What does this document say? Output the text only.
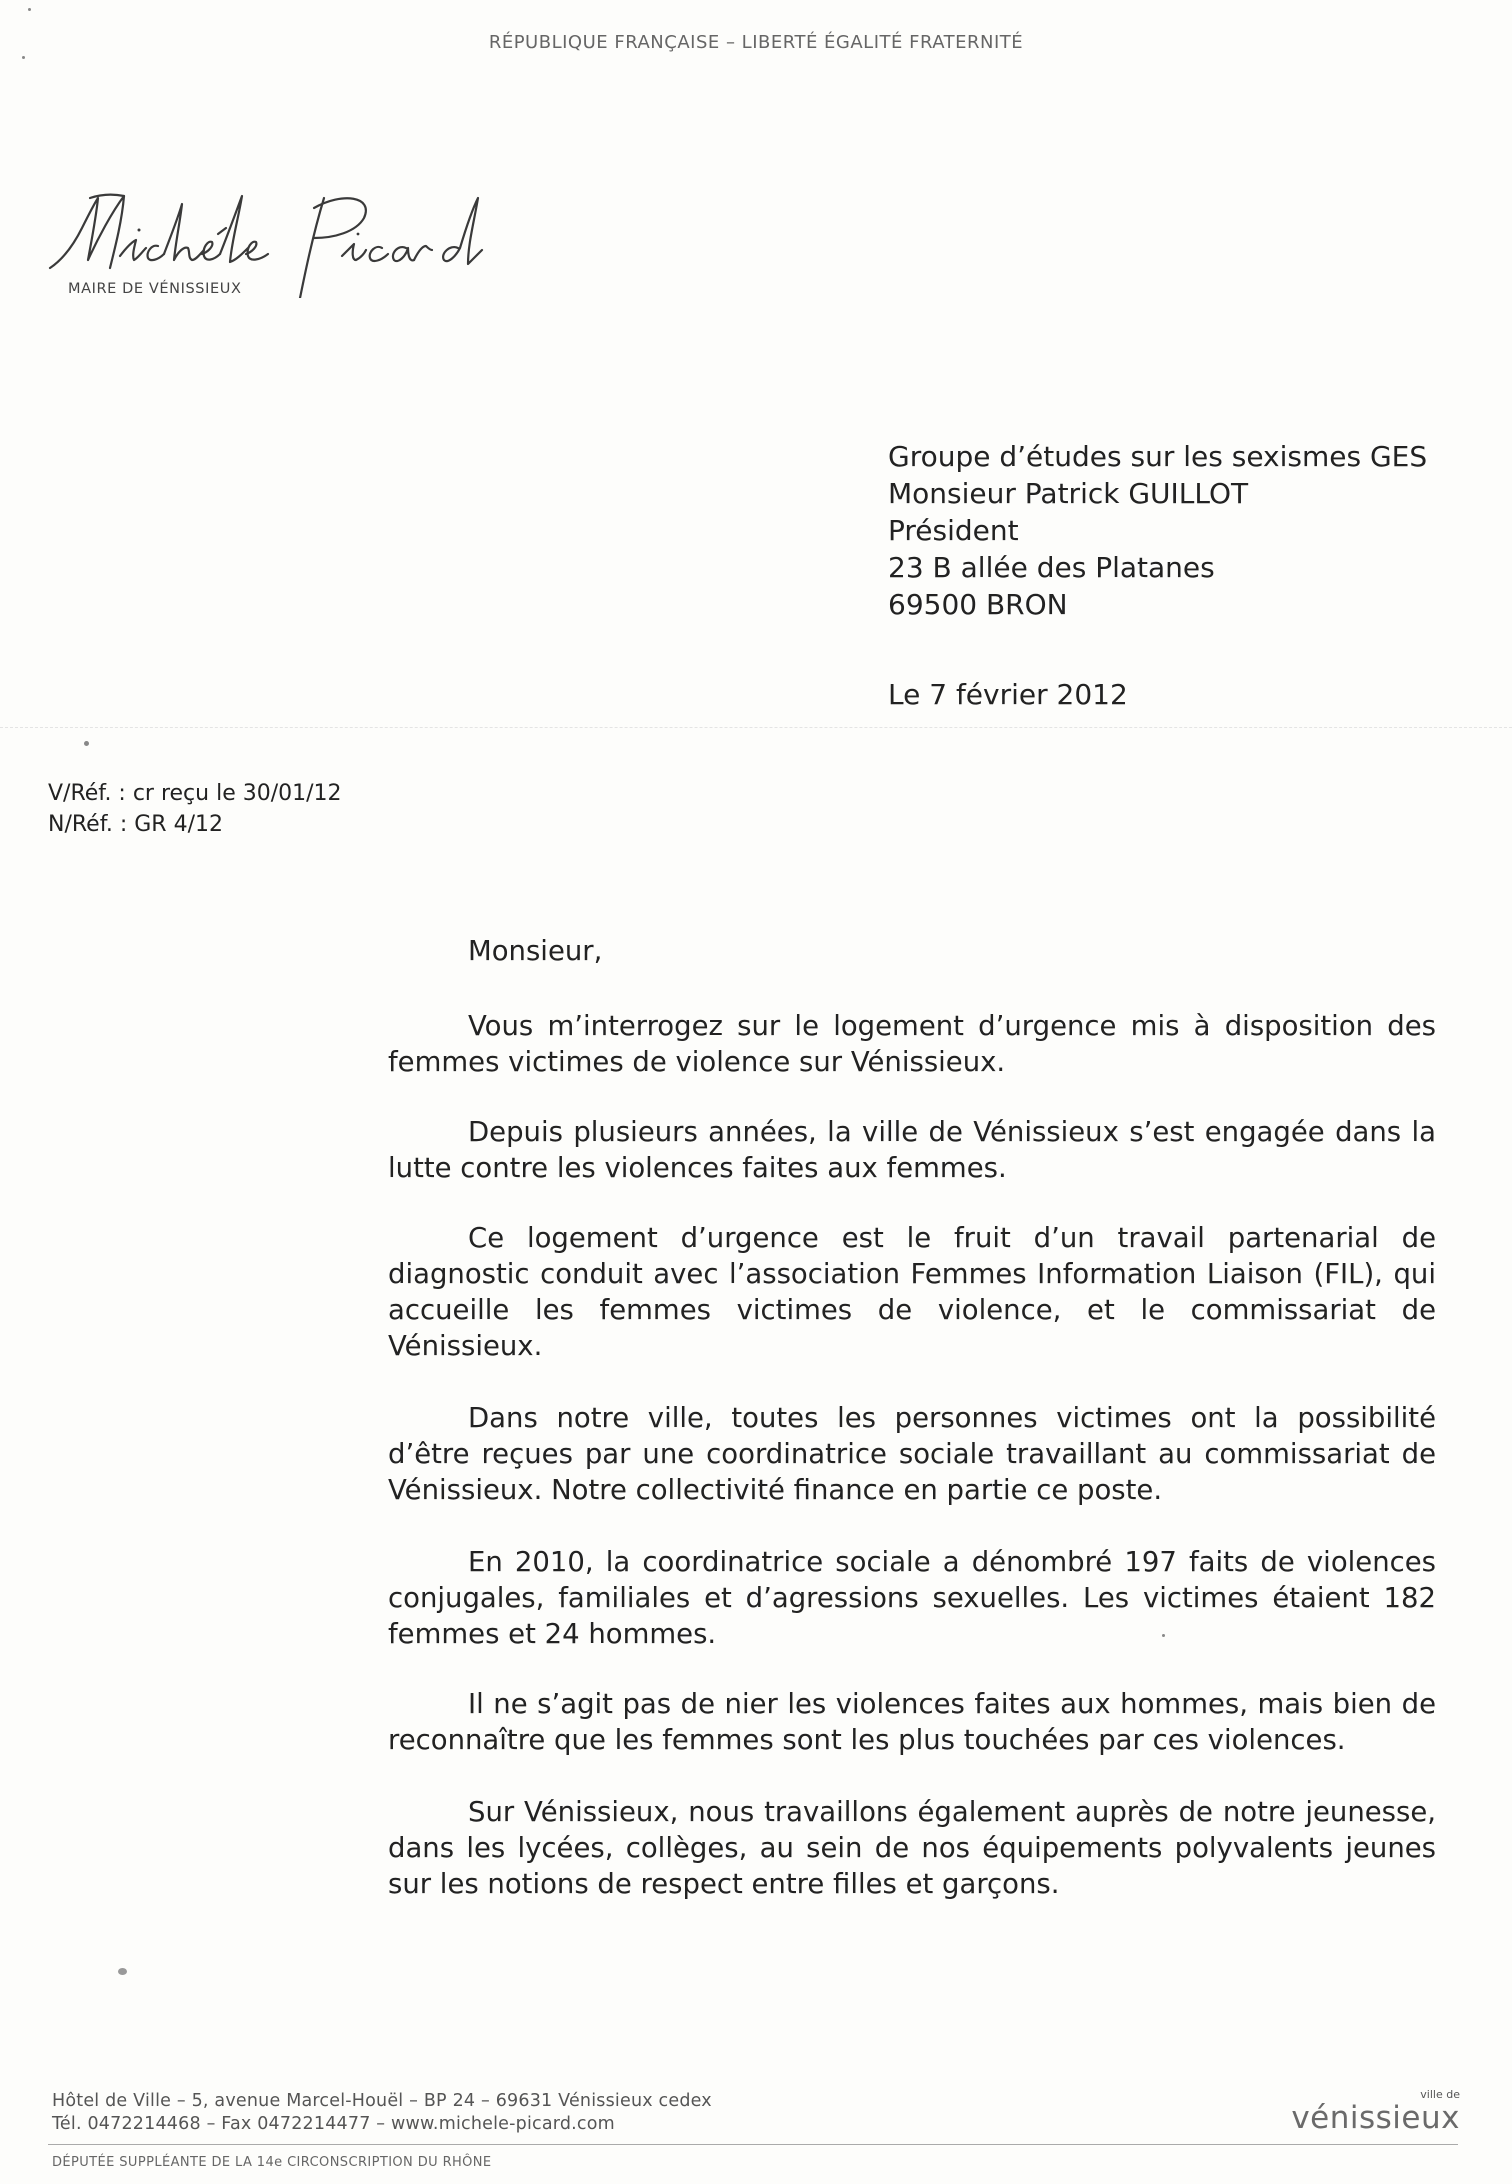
RÉPUBLIQUE FRANÇAISE – LIBERTÉ ÉGALITÉ FRATERNITÉ
MAIRE DE VÉNISSIEUX
Groupe d’études sur les sexismes GES
Monsieur Patrick GUILLOT
Président
23 B allée des Platanes
69500 BRON
Le 7 février 2012
V/Réf. : cr reçu le 30/01/12
N/Réf. : GR 4/12
Monsieur,
Vous m’interrogez sur le logement d’urgence mis à disposition des femmes victimes de violence sur Vénissieux.
Depuis plusieurs années, la ville de Vénissieux s’est engagée dans la lutte contre les violences faites aux femmes.
Ce logement d’urgence est le fruit d’un travail partenarial de diagnostic conduit avec l’association Femmes Information Liaison (FIL), qui accueille les femmes victimes de violence, et le commissariat de Vénissieux.
Dans notre ville, toutes les personnes victimes ont la possibilité d’être reçues par une coordinatrice sociale travaillant au commissariat de Vénissieux. Notre collectivité finance en partie ce poste.
En 2010, la coordinatrice sociale a dénombré 197 faits de violences conjugales, familiales et d’agressions sexuelles. Les victimes étaient 182 femmes et 24 hommes.
Il ne s’agit pas de nier les violences faites aux hommes, mais bien de reconnaître que les femmes sont les plus touchées par ces violences.
Sur Vénissieux, nous travaillons également auprès de notre jeunesse, dans les lycées, collèges, au sein de nos équipements polyvalents jeunes sur les notions de respect entre filles et garçons.
Hôtel de Ville – 5, avenue Marcel-Houël – BP 24 – 69631 Vénissieux cedex
Tél. 0472214468 – Fax 0472214477 – www.michele-picard.com
DÉPUTÉE SUPPLÉANTE DE LA 14e CIRCONSCRIPTION DU RHÔNE
ville de
vénissieux
